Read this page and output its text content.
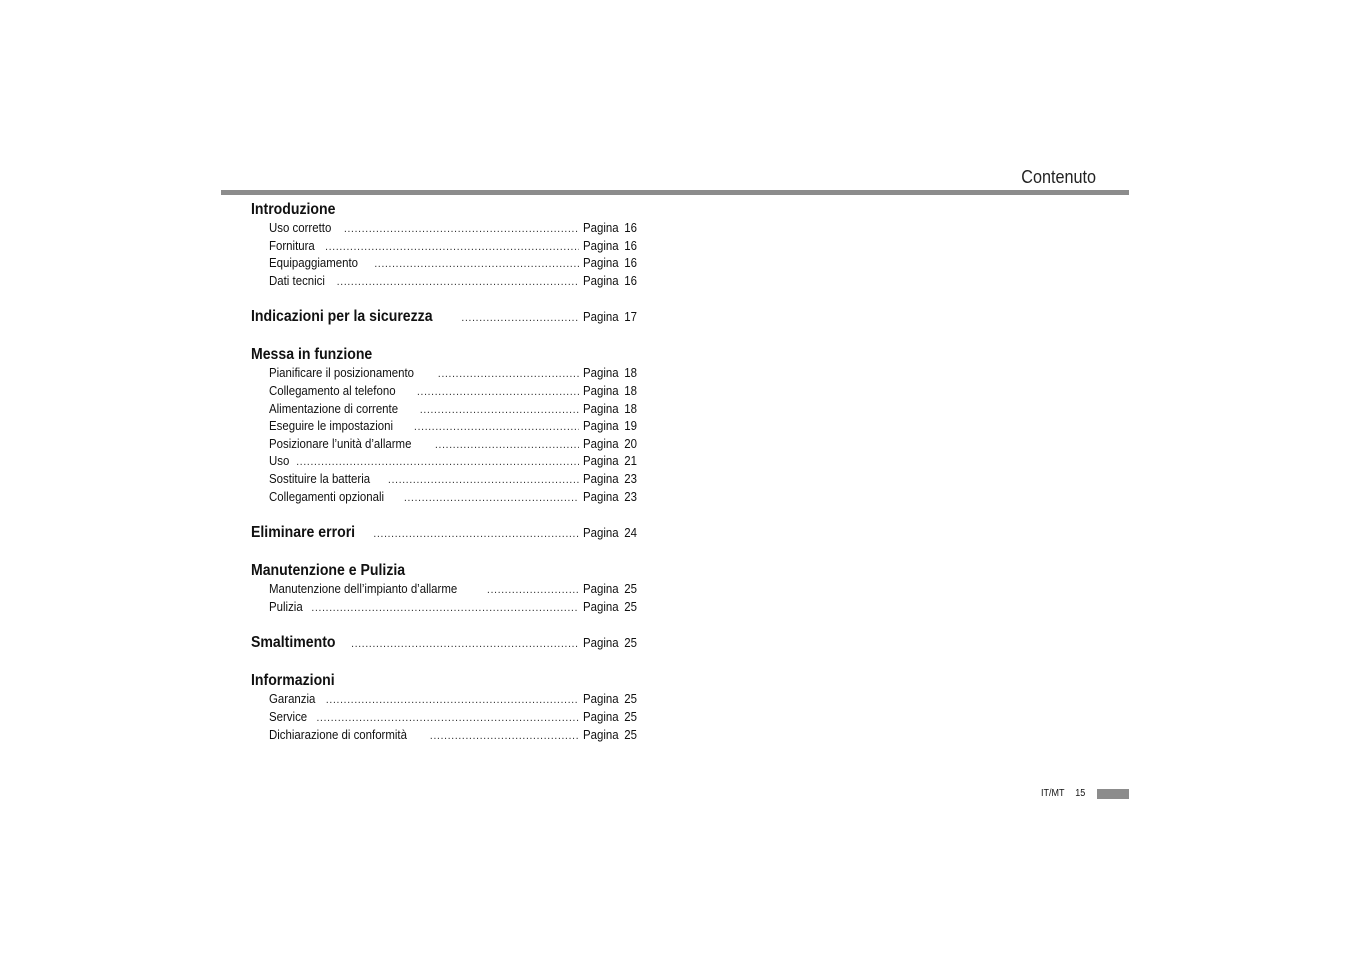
Contenuto
Introduzione
Uso corretto .....	Pagina 16
Fornitura .....	Pagina 16
Equipaggiamento .....	Pagina 16
Dati tecnici .....	Pagina 16
Indicazioni per la sicurezza .....	Pagina 17
Messa in funzione
Pianificare il posizionamento .....	Pagina 18
Collegamento al telefono .....	Pagina 18
Alimentazione di corrente .....	Pagina 18
Eseguire le impostazioni .....	Pagina 19
Posizionare l’unità d’allarme .....	Pagina 20
Uso .....	Pagina 21
Sostituire la batteria .....	Pagina 23
Collegamenti opzionali .....	Pagina 23
Eliminare errori .....	Pagina 24
Manutenzione e Pulizia
Manutenzione dell’impianto d’allarme .....	Pagina 25
Pulizia .....	Pagina 25
Smaltimento .....	Pagina 25
Informazioni
Garanzia .....	Pagina 25
Service .....	Pagina 25
Dichiarazione di conformità .....	Pagina 25
IT/MT 15
